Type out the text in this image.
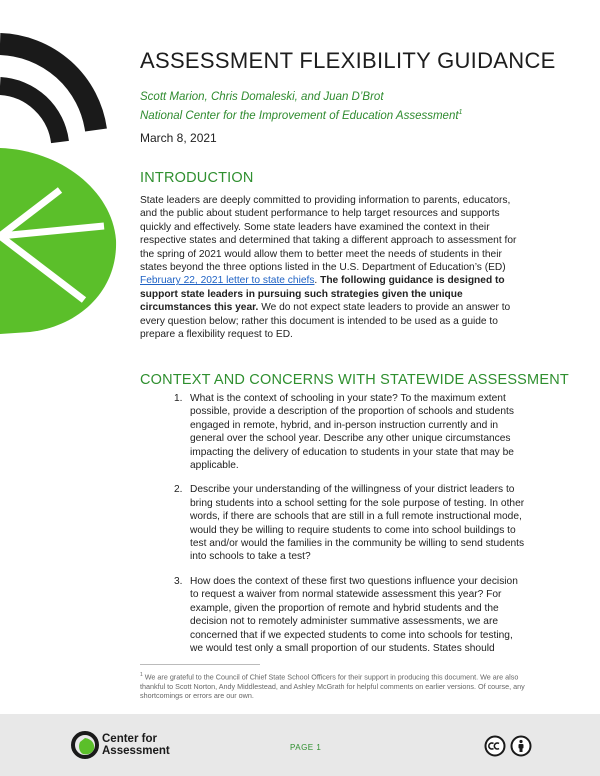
ASSESSMENT FLEXIBILITY GUIDANCE
Scott Marion, Chris Domaleski, and Juan D’Brot
National Center for the Improvement of Education Assessment$^1$
March 8, 2021
INTRODUCTION

State leaders are deeply committed to providing information to parents, educators, and the public about student performance to help target resources and supports quickly and effectively. Some state leaders have examined the context in their respective states and determined that taking a different approach to assessment for the spring of 2021 would allow them to better meet the needs of students in their states beyond the three options listed in the U.S. Department of Education’s (ED) February 22, 2021 letter to state chiefs. The following guidance is designed to support state leaders in pursuing such strategies given the unique circumstances this year. We do not expect state leaders to provide an answer to every question below; rather this document is intended to be used as a guide to prepare a flexibility request to ED.

CONTEXT AND CONCERNS WITH STATEWIDE ASSESSMENT
1. What is the context of schooling in your state? To the maximum extent possible, provide a description of the proportion of schools and students engaged in remote, hybrid, and in-person instruction currently and in general over the school year. Describe any other unique circumstances impacting the delivery of education to students in your state that may be applicable.
2. Describe your understanding of the willingness of your district leaders to bring students into a school setting for the sole purpose of testing. In other words, if there are schools that are still in a full remote instructional mode, would they be willing to require students to come into school buildings to test and/or would the families in the community be willing to send students into schools to take a test?
3. How does the context of these first two questions influence your decision to request a waiver from normal statewide assessment this year? For example, given the proportion of remote and hybrid students and the decision not to remotely administer summative assessments, we are concerned that if we expected students to come into schools for testing, we would test only a small proportion of our students. States should
$^1$ We are grateful to the Council of Chief State School Officers for their support in producing this document. We are also thankful to Scott Norton, Andy Middlestead, and Ashley McGrath for helpful comments on earlier versions. Of course, any shortcomings or errors are our own.
Center for
Assessment	PAGE 1
